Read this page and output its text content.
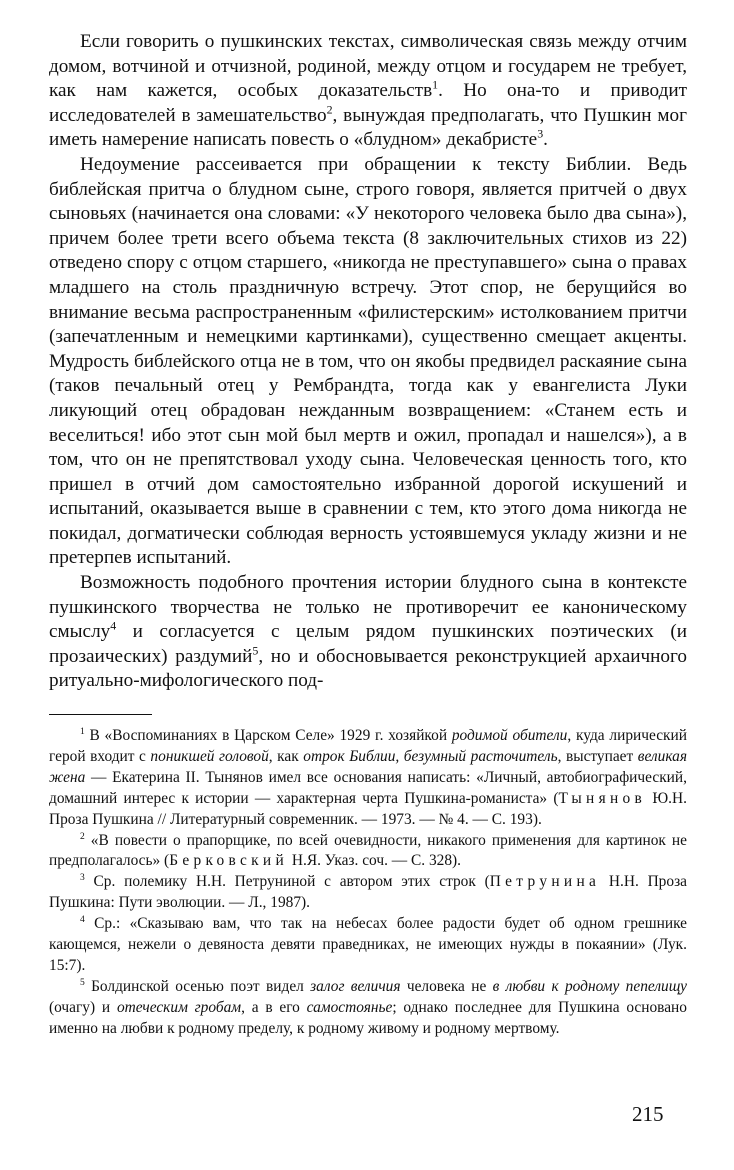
Если говорить о пушкинских текстах, символическая связь между отчим домом, вотчиной и отчизной, родиной, между отцом и государем не требует, как нам кажется, особых доказательств$^1$. Но она-то и приводит исследователей в замешательство$^2$, вынуждая предполагать, что Пушкин мог иметь намерение написать повесть о «блудном» декабристе$^3$.

Недоумение рассеивается при обращении к тексту Библии. Ведь библейская притча о блудном сыне, строго говоря, является притчей о двух сыновьях (начинается она словами: «У некоторого человека было два сына»), причем более трети всего объема текста (8 заключительных стихов из 22) отведено спору с отцом старшего, «никогда не преступавшего» сына о правах младшего на столь праздничную встречу. Этот спор, не берущийся во внимание весьма распространенным «филистерским» истолкованием притчи (запечатленным и немецкими картинками), существенно смещает акценты. Мудрость библейского отца не в том, что он якобы предвидел раскаяние сына (таков печальный отец у Рембрандта, тогда как у евангелиста Луки ликующий отец обрадован нежданным возвращением: «Станем есть и веселиться! ибо этот сын мой был мертв и ожил, пропадал и нашелся»), а в том, что он не препятствовал уходу сына. Человеческая ценность того, кто пришел в отчий дом самостоятельно избранной дорогой искушений и испытаний, оказывается выше в сравнении с тем, кто этого дома никогда не покидал, догматически соблюдая верность устоявшемуся укладу жизни и не претерпев испытаний.

Возможность подобного прочтения истории блудного сына в контексте пушкинского творчества не только не противоречит ее каноническому смыслу$^4$ и согласуется с целым рядом пушкинских поэтических (и прозаических) раздумий$^5$, но и обосновывается реконструкцией архаичного ритуально-мифологического под-

$^1$ В «Воспоминаниях в Царском Селе» 1929 г. хозяйкой родимой обители, куда лирический герой входит с поникшей головой, как отрок Библии, безумный расточитель, выступает великая жена — Екатерина II. Тынянов имел все основания написать: «Личный, автобиографический, домашний интерес к истории — характерная черта Пушкина-романиста» (Тынянов Ю.Н. Проза Пушкина // Литературный современник. — 1973. — № 4. — С. 193).

$^2$ «В повести о прапорщике, по всей очевидности, никакого применения для картинок не предполагалось» (Берковский Н.Я. Указ. соч. — С. 328).

$^3$ Ср. полемику Н.Н. Петруниной с автором этих строк (Петрунина Н.Н. Проза Пушкина: Пути эволюции. — Л., 1987).

$^4$ Ср.: «Сказываю вам, что так на небесах более радости будет об одном грешнике кающемся, нежели о девяноста девяти праведниках, не имеющих нужды в покаянии» (Лук. 15:7).

$^5$ Болдинской осенью поэт видел залог величия человека не в любви к родному пепелищу (очагу) и отеческим гробам, а в его самостоянье; однако последнее для Пушкина основано именно на любви к родному пределу, к родному живому и родному мертвому.

215
